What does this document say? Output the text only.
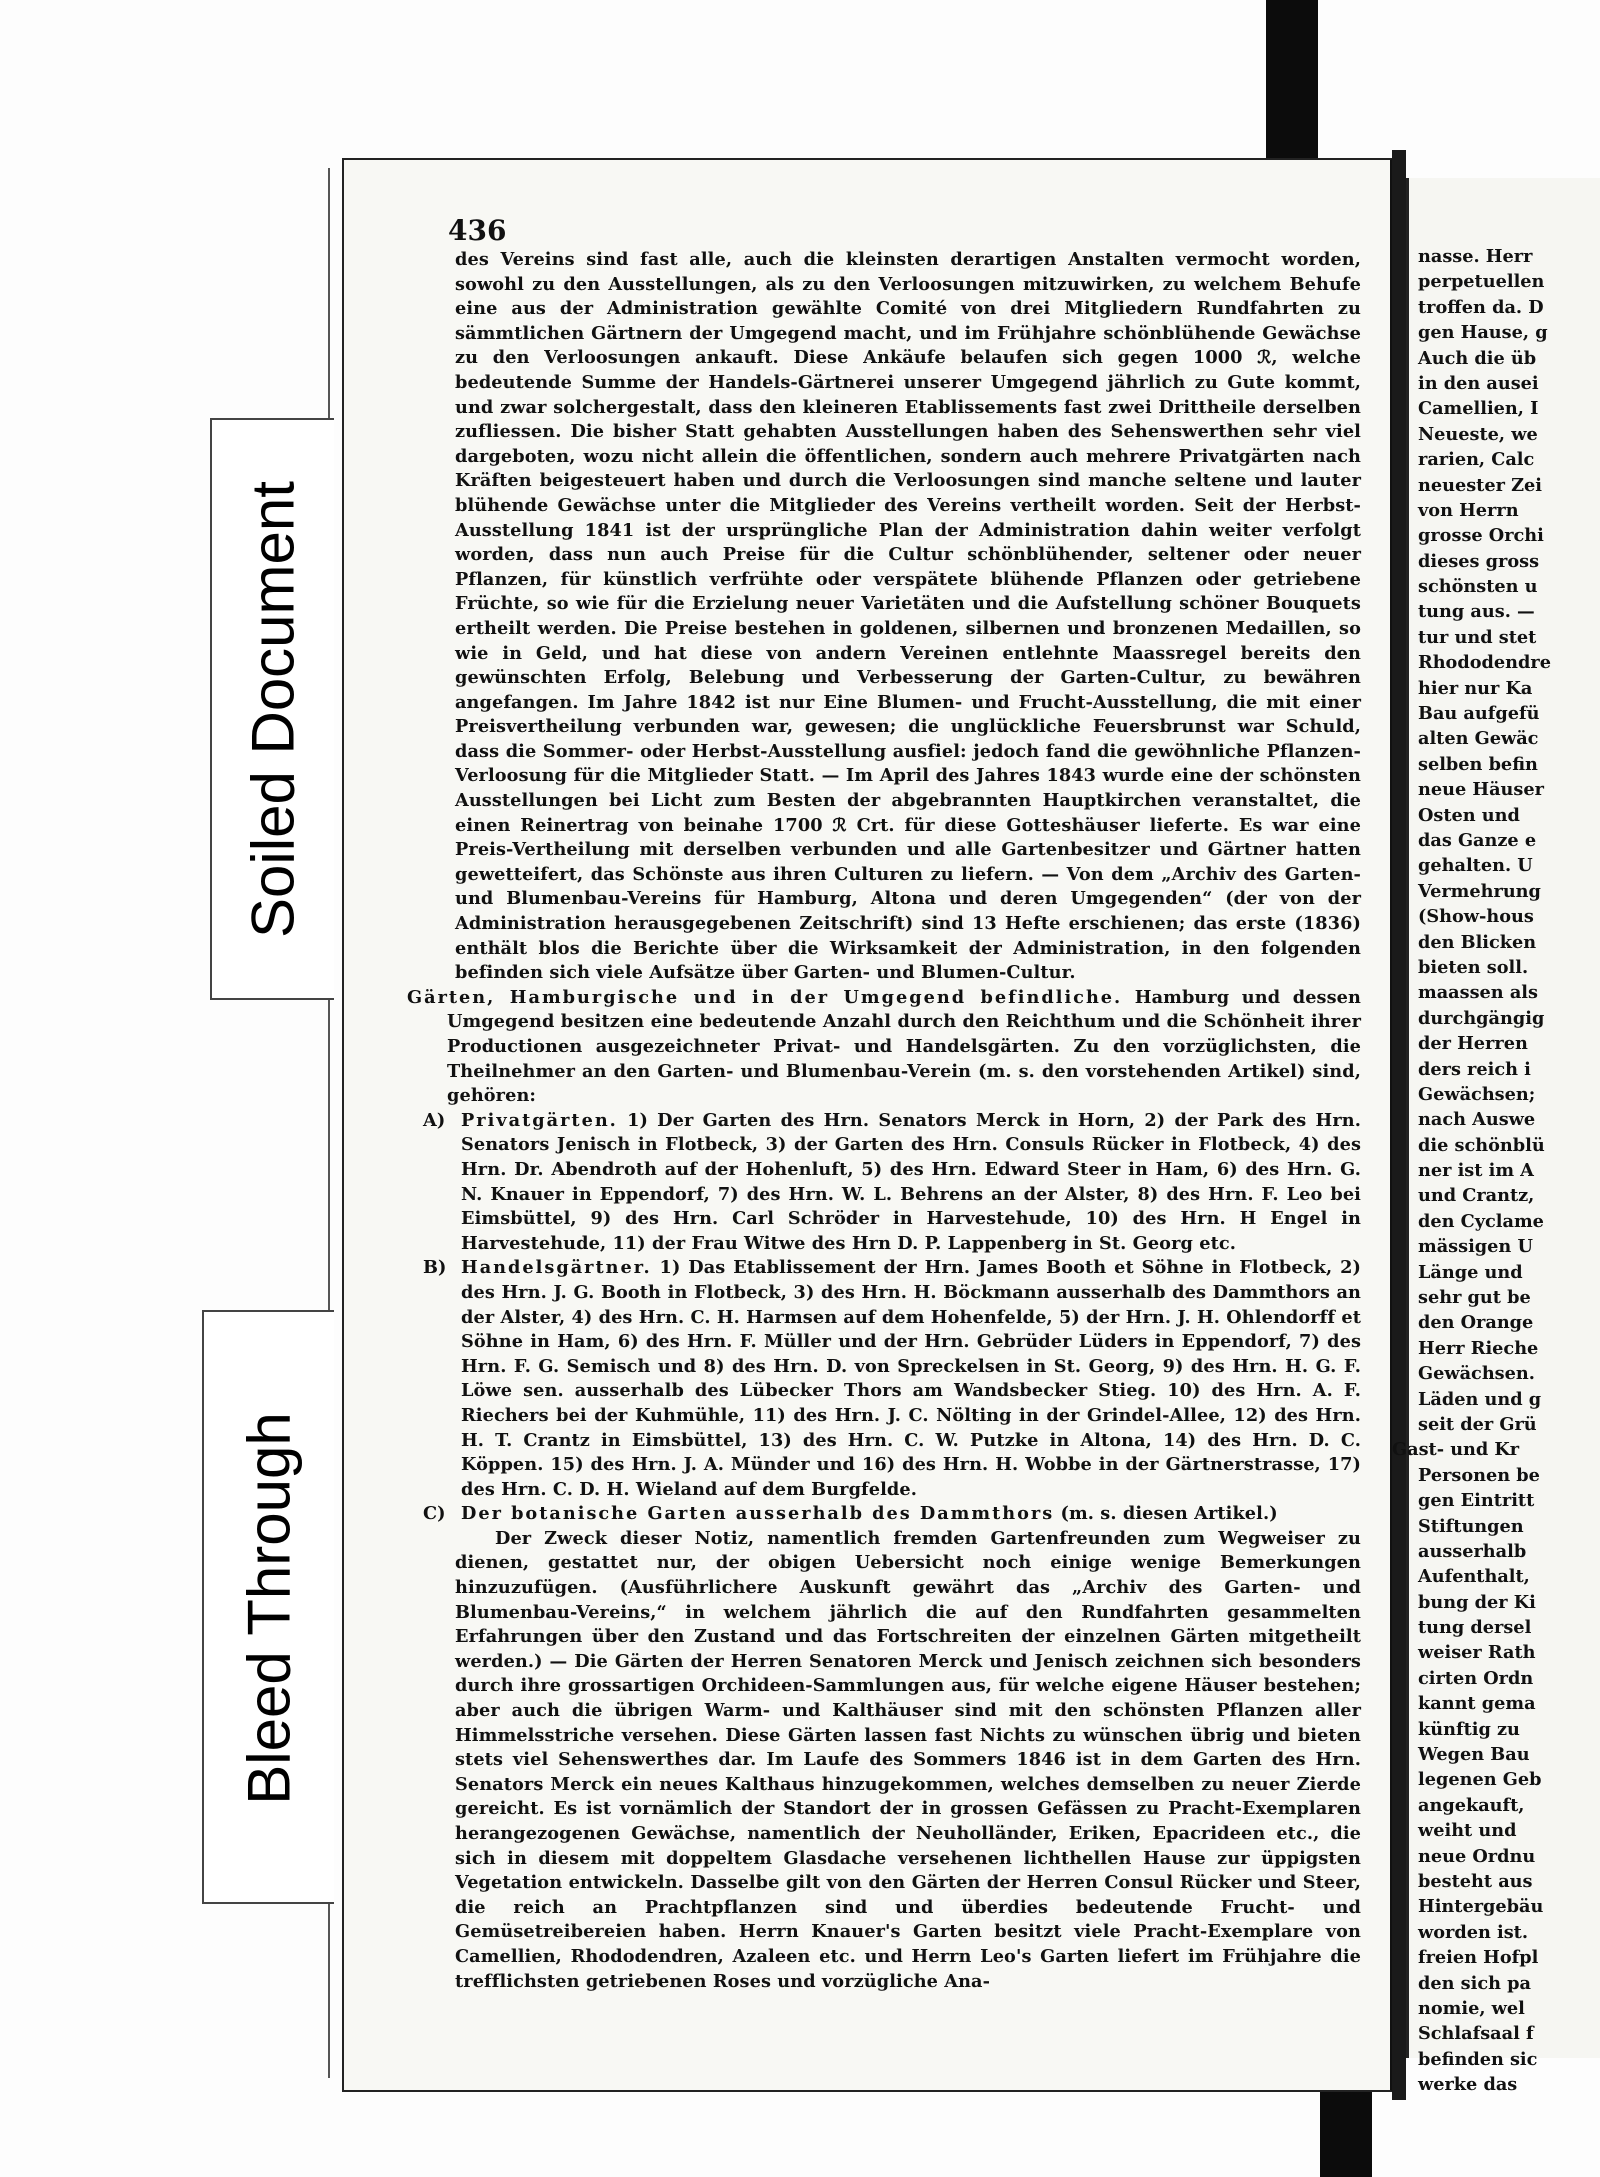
Soiled Document
Bleed Through
436

des Vereins sind fast alle, auch die kleinsten derartigen Anstalten vermocht worden, sowohl zu den Ausstellungen, als zu den Verloosungen mitzuwirken, zu welchem Behufe eine aus der Administration gewählte Comité von drei Mitgliedern Rundfahrten zu sämmtlichen Gärtnern der Umgegend macht, und im Frühjahre schönblühende Gewächse zu den Verloosungen ankauft. Diese Ankäufe belaufen sich gegen 1000 ℛ, welche bedeutende Summe der Handels-Gärtnerei unserer Umgegend jährlich zu Gute kommt, und zwar solchergestalt, dass den kleineren Etablissements fast zwei Drittheile derselben zufliessen. Die bisher Statt gehabten Ausstellungen haben des Sehenswerthen sehr viel dargeboten, wozu nicht allein die öffentlichen, sondern auch mehrere Privatgärten nach Kräften beigesteuert haben und durch die Verloosungen sind manche seltene und lauter blühende Gewächse unter die Mitglieder des Vereins vertheilt worden. Seit der Herbst-Ausstellung 1841 ist der ursprüngliche Plan der Administration dahin weiter verfolgt worden, dass nun auch Preise für die Cultur schönblühender, seltener oder neuer Pflanzen, für künstlich verfrühte oder verspätete blühende Pflanzen oder getriebene Früchte, so wie für die Erzielung neuer Varietäten und die Aufstellung schöner Bouquets ertheilt werden. Die Preise bestehen in goldenen, silbernen und bronzenen Medaillen, so wie in Geld, und hat diese von andern Vereinen entlehnte Maassregel bereits den gewünschten Erfolg, Belebung und Verbesserung der Garten-Cultur, zu bewähren angefangen. Im Jahre 1842 ist nur Eine Blumen- und Frucht-Ausstellung, die mit einer Preisvertheilung verbunden war, gewesen; die unglückliche Feuersbrunst war Schuld, dass die Sommer- oder Herbst-Ausstellung ausfiel: jedoch fand die gewöhnliche Pflanzen-Verloosung für die Mitglieder Statt. — Im April des Jahres 1843 wurde eine der schönsten Ausstellungen bei Licht zum Besten der abgebrannten Hauptkirchen veranstaltet, die einen Reinertrag von beinahe 1700 ℛ Crt. für diese Gotteshäuser lieferte. Es war eine Preis-Vertheilung mit derselben verbunden und alle Gartenbesitzer und Gärtner hatten gewetteifert, das Schönste aus ihren Culturen zu liefern. — Von dem „Archiv des Garten- und Blumenbau-Vereins für Hamburg, Altona und deren Umgegenden“ (der von der Administration herausgegebenen Zeitschrift) sind 13 Hefte erschienen; das erste (1836) enthält blos die Berichte über die Wirksamkeit der Administration, in den folgenden befinden sich viele Aufsätze über Garten- und Blumen-Cultur.

Gärten, Hamburgische und in der Umgegend befindliche. Hamburg und dessen Umgegend besitzen eine bedeutende Anzahl durch den Reichthum und die Schönheit ihrer Productionen ausgezeichneter Privat- und Handelsgärten. Zu den vorzüglichsten, die Theilnehmer an den Garten- und Blumenbau-Verein (m. s. den vorstehenden Artikel) sind, gehören:

A) Privatgärten. 1) Der Garten des Hrn. Senators Merck in Horn, 2) der Park des Hrn. Senators Jenisch in Flotbeck, 3) der Garten des Hrn. Consuls Rücker in Flotbeck, 4) des Hrn. Dr. Abendroth auf der Hohenluft, 5) des Hrn. Edward Steer in Ham, 6) des Hrn. G. N. Knauer in Eppendorf, 7) des Hrn. W. L. Behrens an der Alster, 8) des Hrn. F. Leo bei Eimsbüttel, 9) des Hrn. Carl Schröder in Harvestehude, 10) des Hrn. H Engel in Harvestehude, 11) der Frau Witwe des Hrn D. P. Lappenberg in St. Georg etc.
B) Handelsgärtner. 1) Das Etablissement der Hrn. James Booth et Söhne in Flotbeck, 2) des Hrn. J. G. Booth in Flotbeck, 3) des Hrn. H. Böckmann ausserhalb des Dammthors an der Alster, 4) des Hrn. C. H. Harmsen auf dem Hohenfelde, 5) der Hrn. J. H. Ohlendorff et Söhne in Ham, 6) des Hrn. F. Müller und der Hrn. Gebrüder Lüders in Eppendorf, 7) des Hrn. F. G. Semisch und 8) des Hrn. D. von Spreckelsen in St. Georg, 9) des Hrn. H. G. F. Löwe sen. ausserhalb des Lübecker Thors am Wandsbecker Stieg. 10) des Hrn. A. F. Riechers bei der Kuhmühle, 11) des Hrn. J. C. Nölting in der Grindel-Allee, 12) des Hrn. H. T. Crantz in Eimsbüttel, 13) des Hrn. C. W. Putzke in Altona, 14) des Hrn. D. C. Köppen. 15) des Hrn. J. A. Münder und 16) des Hrn. H. Wobbe in der Gärtnerstrasse, 17) des Hrn. C. D. H. Wieland auf dem Burgfelde.
C) Der botanische Garten ausserhalb des Dammthors (m. s. diesen Artikel.)

Der Zweck dieser Notiz, namentlich fremden Gartenfreunden zum Wegweiser zu dienen, gestattet nur, der obigen Uebersicht noch einige wenige Bemerkungen hinzuzufügen. (Ausführlichere Auskunft gewährt das „Archiv des Garten- und Blumenbau-Vereins,“ in welchem jährlich die auf den Rundfahrten gesammelten Erfahrungen über den Zustand und das Fortschreiten der einzelnen Gärten mitgetheilt werden.) — Die Gärten der Herren Senatoren Merck und Jenisch zeichnen sich besonders durch ihre grossartigen Orchideen-Sammlungen aus, für welche eigene Häuser bestehen; aber auch die übrigen Warm- und Kalthäuser sind mit den schönsten Pflanzen aller Himmelsstriche versehen. Diese Gärten lassen fast Nichts zu wünschen übrig und bieten stets viel Sehenswerthes dar. Im Laufe des Sommers 1846 ist in dem Garten des Hrn. Senators Merck ein neues Kalthaus hinzugekommen, welches demselben zu neuer Zierde gereicht. Es ist vornämlich der Standort der in grossen Gefässen zu Pracht-Exemplaren herangezogenen Gewächse, namentlich der Neuholländer, Eriken, Epacrideen etc., die sich in diesem mit doppeltem Glasdache versehenen lichthellen Hause zur üppigsten Vegetation entwickeln. Dasselbe gilt von den Gärten der Herren Consul Rücker und Steer, die reich an Prachtpflanzen sind und überdies bedeutende Frucht- und Gemüsetreibereien haben. Herrn Knauer's Garten besitzt viele Pracht-Exemplare von Camellien, Rhododendren, Azaleen etc. und Herrn Leo's Garten liefert im Frühjahre die trefflichsten getriebenen Roses und vorzügliche Ana-

nasse. Herr
perpetuellen
troffen da. D
gen Hause, g
Auch die üb
in den ausei
Camellien, I
Neueste, we
rarien, Calc
neuester Zei
von Herrn
grosse Orchi
dieses gross
schönsten u
tung aus. —
tur und stet
Rhododendre
hier nur Ka
Bau aufgefü
alten Gewäc
selben befin
neue Häuser
Osten und
das Ganze e
gehalten. U
Vermehrung
(Show-hous
den Blicken
bieten soll.
maassen als
durchgängig
der Herren
ders reich i
Gewächsen;
nach Auswe
die schönblü
ner ist im A
und Crantz,
den Cyclame
mässigen U
Länge und
sehr gut be
den Orange
Herr Rieche
Gewächsen.
Läden und g
seit der Grü
Gast- und Kr
Personen be
gen Eintritt
Stiftungen
ausserhalb
Aufenthalt,
bung der Ki
tung dersel
weiser Rath
cirten Ordn
kannt gema
künftig zu
Wegen Bau
legenen Geb
angekauft,
weiht und
neue Ordnu
besteht aus
Hintergebäu
worden ist.
freien Hofpl
den sich pa
nomie, wel
Schlafsaal f
befinden sic
werke das
